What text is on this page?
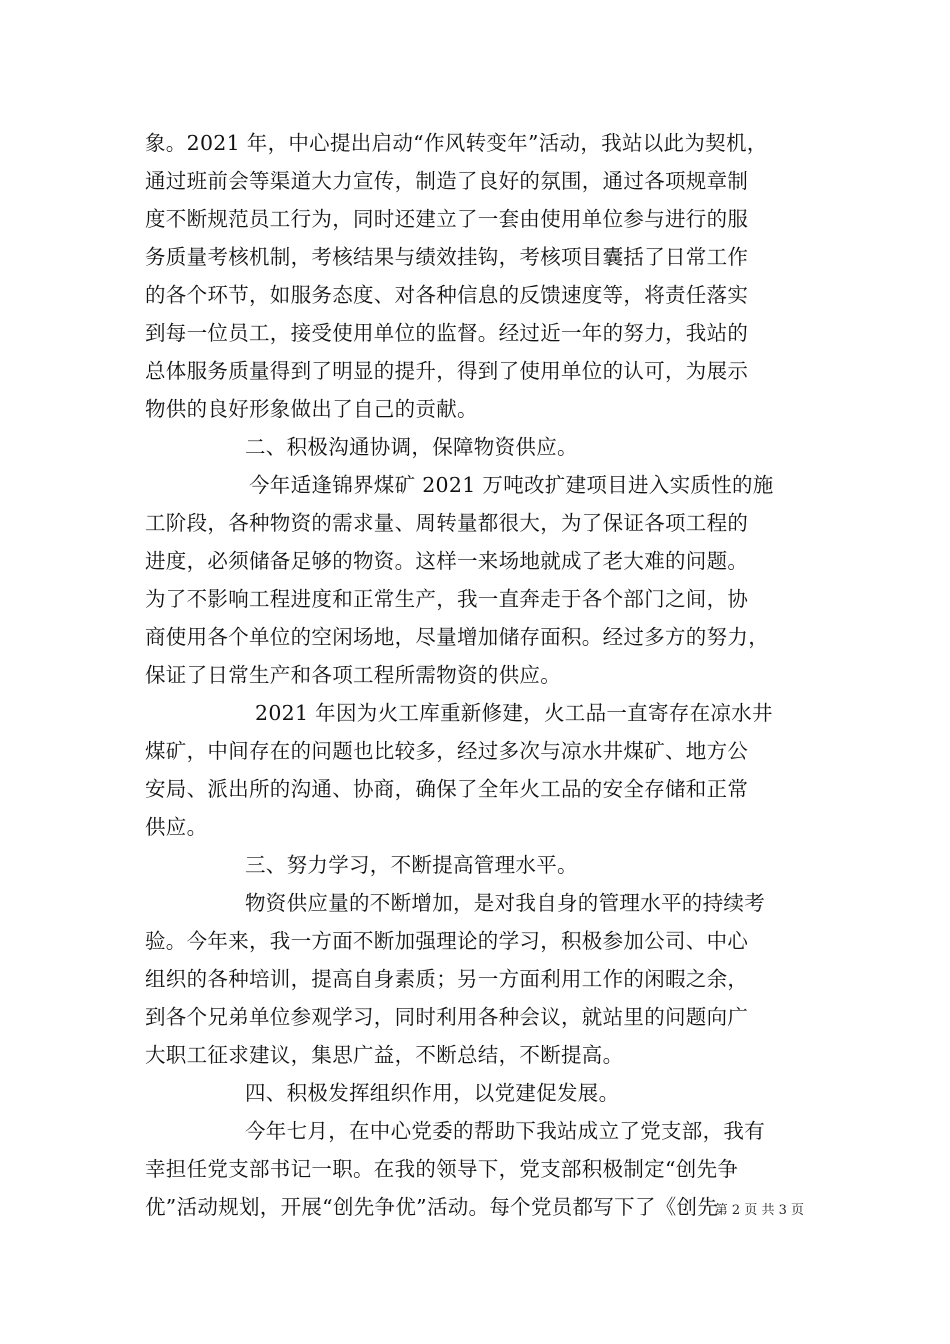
象。2021 年，中心提出启动“作风转变年”活动，我站以此为契机，
通过班前会等渠道大力宣传，制造了良好的氛围，通过各项规章制
度不断规范员工行为，同时还建立了一套由使用单位参与进行的服
务质量考核机制，考核结果与绩效挂钩，考核项目囊括了日常工作
的各个环节，如服务态度、对各种信息的反馈速度等，将责任落实
到每一位员工，接受使用单位的监督。经过近一年的努力，我站的
总体服务质量得到了明显的提升，得到了使用单位的认可，为展示
物供的良好形象做出了自己的贡献。
二、积极沟通协调，保障物资供应。
今年适逢锦界煤矿 2021 万吨改扩建项目进入实质性的施
工阶段，各种物资的需求量、周转量都很大，为了保证各项工程的
进度，必须储备足够的物资。这样一来场地就成了老大难的问题。
为了不影响工程进度和正常生产，我一直奔走于各个部门之间，协
商使用各个单位的空闲场地，尽量增加储存面积。经过多方的努力，
保证了日常生产和各项工程所需物资的供应。
2021 年因为火工库重新修建，火工品一直寄存在凉水井
煤矿，中间存在的问题也比较多，经过多次与凉水井煤矿、地方公
安局、派出所的沟通、协商，确保了全年火工品的安全存储和正常
供应。
三、努力学习，不断提高管理水平。
物资供应量的不断增加，是对我自身的管理水平的持续考
验。今年来，我一方面不断加强理论的学习，积极参加公司、中心
组织的各种培训，提高自身素质；另一方面利用工作的闲暇之余，
到各个兄弟单位参观学习，同时利用各种会议，就站里的问题向广
大职工征求建议，集思广益，不断总结，不断提高。
四、积极发挥组织作用，以党建促发展。
今年七月，在中心党委的帮助下我站成立了党支部，我有
幸担任党支部书记一职。在我的领导下，党支部积极制定“创先争
优”活动规划，开展“创先争优”活动。每个党员都写下了《创先
第 2 页 共 3 页
